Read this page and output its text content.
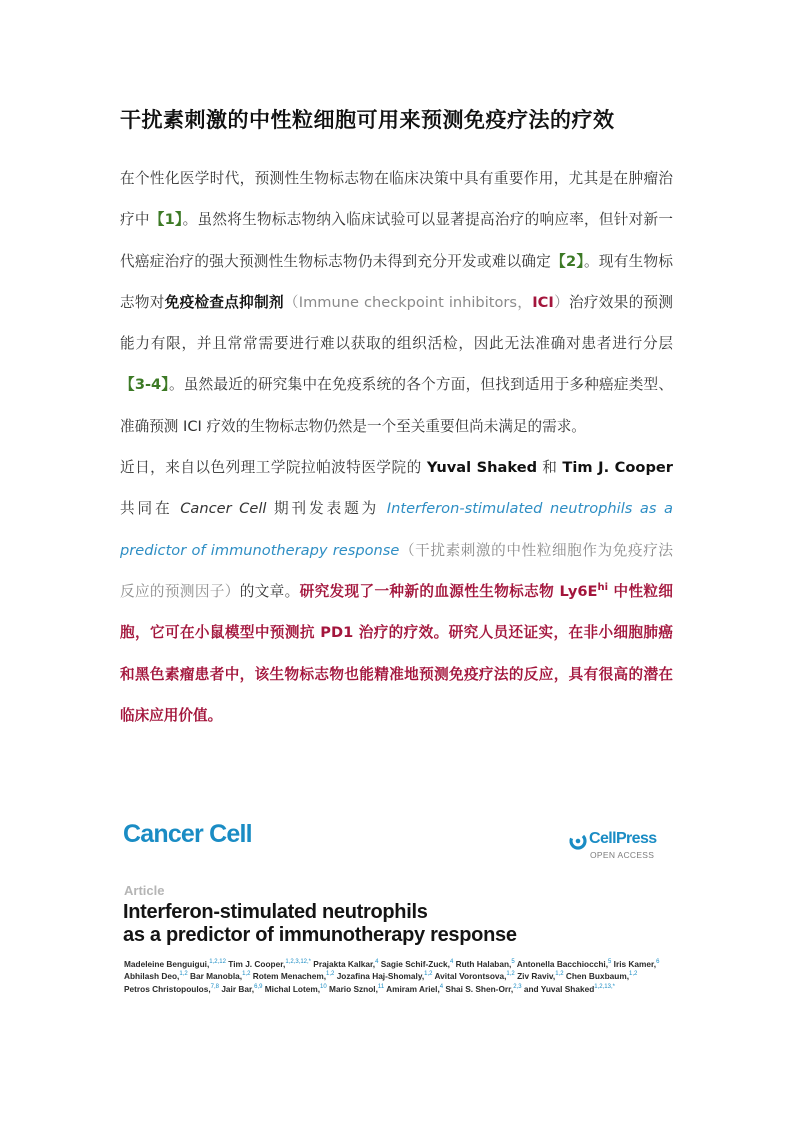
干扰素刺激的中性粒细胞可用来预测免疫疗法的疗效

在个性化医学时代，预测性生物标志物在临床决策中具有重要作用，尤其是在肿瘤治疗中【1】。虽然将生物标志物纳入临床试验可以显著提高治疗的响应率，但针对新一代癌症治疗的强大预测性生物标志物仍未得到充分开发或难以确定【2】。现有生物标志物对免疫检查点抑制剂（Immune checkpoint inhibitors，ICI）治疗效果的预测能力有限，并且常常需要进行难以获取的组织活检，因此无法准确对患者进行分层【3-4】。虽然最近的研究集中在免疫系统的各个方面，但找到适用于多种癌症类型、准确预测 ICI 疗效的生物标志物仍然是一个至关重要但尚未满足的需求。

近日，来自以色列理工学院拉帕波特医学院的 Yuval Shaked 和 Tim J. Cooper 共同在 Cancer Cell 期刊发表题为 Interferon-stimulated neutrophils as a predictor of immunotherapy response（干扰素刺激的中性粒细胞作为免疫疗法反应的预测因子）的文章。研究发现了一种新的血源性生物标志物 $Ly6E^{hi}$ 中性粒细胞，它可在小鼠模型中预测抗 PD1 治疗的疗效。研究人员还证实，在非小细胞肺癌和黑色素瘤患者中，该生物标志物也能精准地预测免疫疗法的反应，具有很高的潜在临床应用价值。

Cancer Cell	CellPress
OPEN ACCESS
Article
Interferon-stimulated neutrophils
as a predictor of immunotherapy response
Madeleine Benguigui,$^{1,2,12}$ Tim J. Cooper,$^{1,2,3,12,*}$ Prajakta Kalkar,$^4$ Sagie Schif-Zuck,$^4$ Ruth Halaban,$^5$ Antonella Bacchiocchi,$^5$ Iris Kamer,$^6$ Abhilash Deo,$^{1,2}$ Bar Manobla,$^{1,2}$ Rotem Menachem,$^{1,2}$ Jozafina Haj-Shomaly,$^{1,2}$ Avital Vorontsova,$^{1,2}$ Ziv Raviv,$^{1,2}$ Chen Buxbaum,$^{1,2}$ Petros Christopoulos,$^{7,8}$ Jair Bar,$^{6,9}$ Michal Lotem,$^{10}$ Mario Sznol,$^{11}$ Amiram Ariel,$^4$ Shai S. Shen-Orr,$^{2,3}$ and Yuval Shaked$^{1,2,13,*}$
